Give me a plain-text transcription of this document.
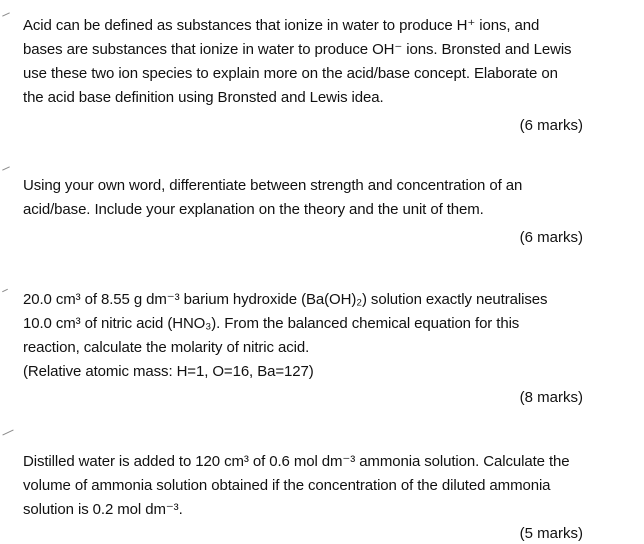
Acid can be defined as substances that ionize in water to produce H⁺ ions, and
bases are substances that ionize in water to produce OH⁻ ions. Bronsted and Lewis
use these two ion species to explain more on the acid/base concept. Elaborate on
the acid base definition using Bronsted and Lewis idea.

(6 marks)

Using your own word, differentiate between strength and concentration of an
acid/base. Include your explanation on the theory and the unit of them.

(6 marks)

20.0 cm³ of 8.55 g dm⁻³ barium hydroxide (Ba(OH)₂) solution exactly neutralises
10.0 cm³ of nitric acid (HNO₃). From the balanced chemical equation for this
reaction, calculate the molarity of nitric acid.
(Relative atomic mass: H=1, O=16, Ba=127)

(8 marks)

Distilled water is added to 120 cm³ of 0.6 mol dm⁻³ ammonia solution. Calculate the
volume of ammonia solution obtained if the concentration of the diluted ammonia
solution is 0.2 mol dm⁻³.

(5 marks)
